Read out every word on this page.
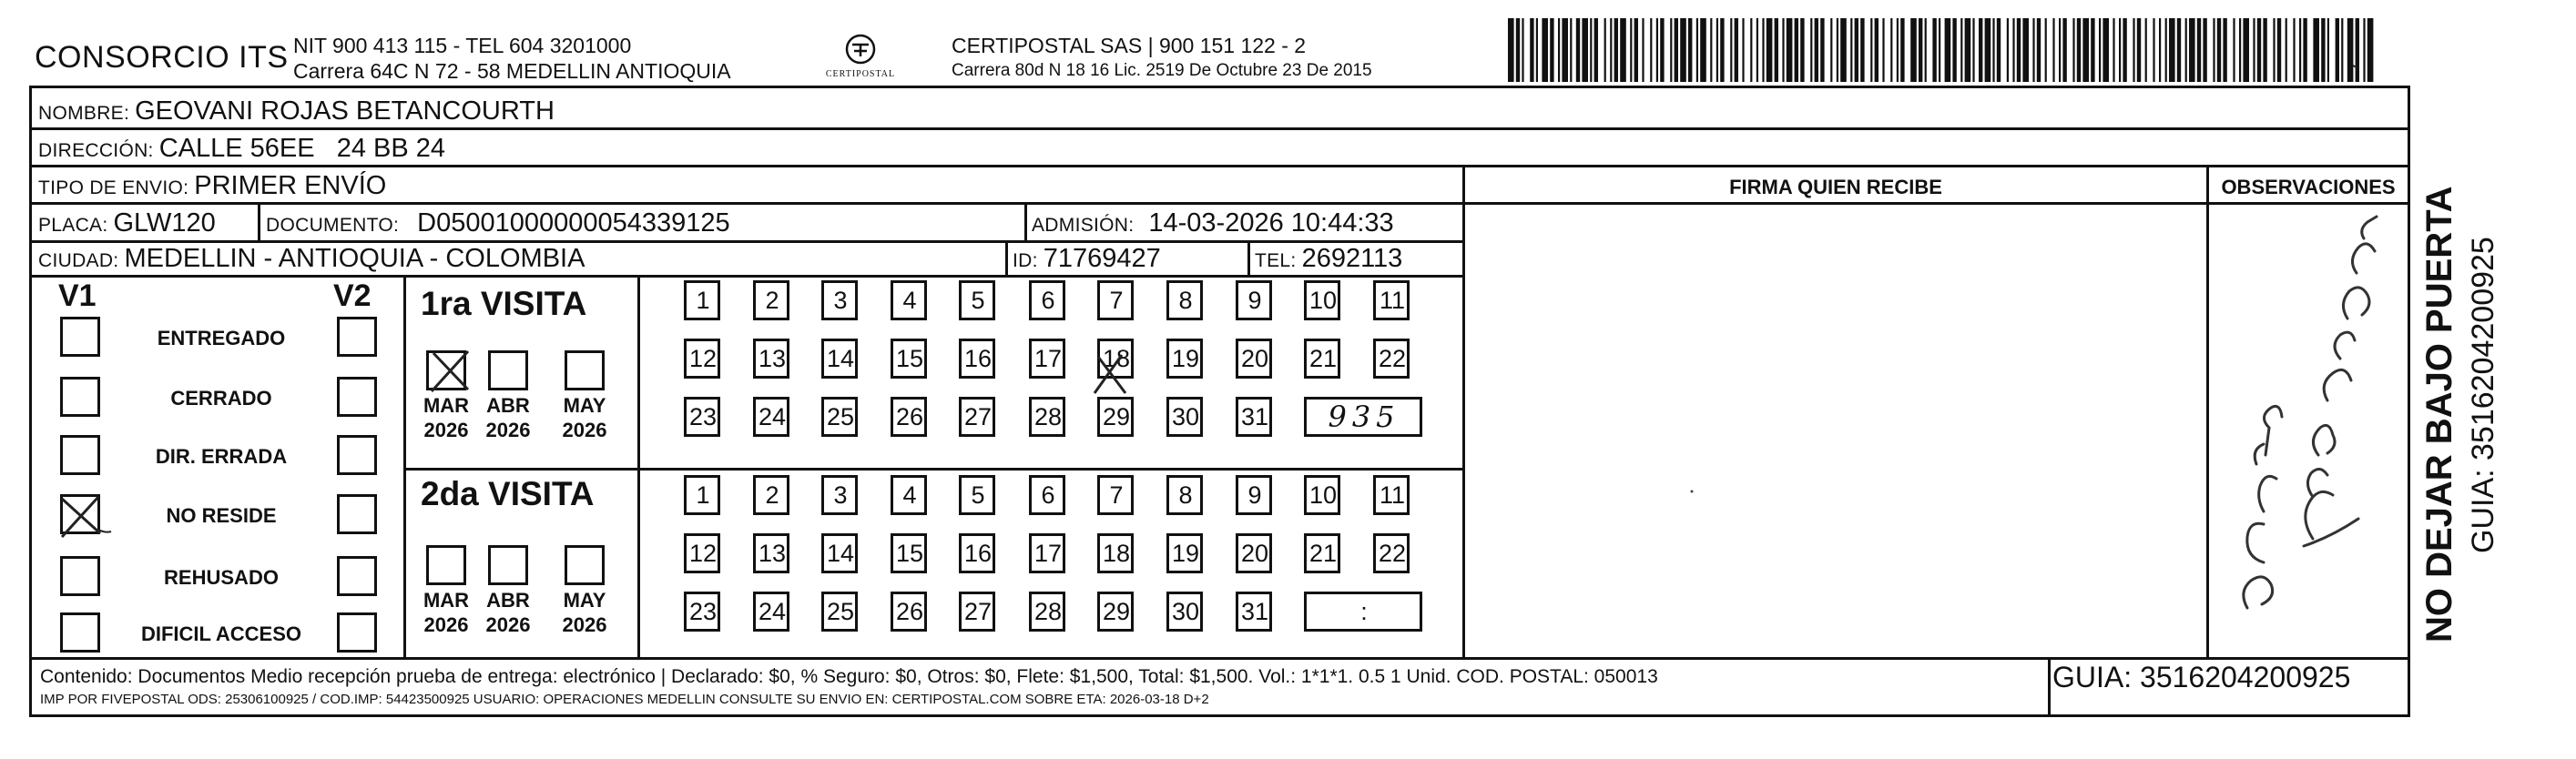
CONSORCIO ITS NIT 900 413 115 - TEL 604 3201000
Carrera 64C N 72 - 58 MEDELLIN ANTIOQUIA	CERTIPOSTAL
CERTIPOSTAL SAS | 900 151 122 - 2
Carrera 80d N 18 16 Lic. 2519 De Octubre 23 De 2015
NOMBRE: GEOVANI ROJAS BETANCOURTH
DIRECCIÓN: CALLE 56EE   24 BB 24
TIPO DE ENVIO: PRIMER ENVÍO
PLACA: GLW120	DOCUMENTO: D05001000000054339125	ADMISIÓN: 14-03-2026 10:44:33
CIUDAD: MEDELLIN - ANTIOQUIA - COLOMBIA	ID: 71769427	TEL: 2692113
FIRMA QUIEN RECIBE	OBSERVACIONES
V1	V2
ENTREGADO
CERRADO
DIR. ERRADA
NO RESIDE
REHUSADO
DIFICIL ACCESO
1ra VISITA
2da VISITA
MAR
2026
ABR
2026
MAY
2026
1	2	3	4	5	6	7	8	9	10 11
12 13 14 15 16 17 18 19 20 21 22
23 24 25 26 27 28 29 30 31	935
MAR
2026
ABR
2026
MAY
2026
1	2	3	4	5	6	7	8	9	10 11
12 13 14 15 16 17 18 19 20 21 22
23 24 25 26 27 28 29 30 31	:
Contenido: Documentos Medio recepción prueba de entrega: electrónico | Declarado: $0, % Seguro: $0, Otros: $0, Flete: $1,500, Total: $1,500. Vol.: 1*1*1. 0.5 1 Unid. COD. POSTAL: 050013
IMP POR FIVEPOSTAL ODS: 25306100925 / COD.IMP: 54423500925 USUARIO: OPERACIONES MEDELLIN CONSULTE SU ENVIO EN: CERTIPOSTAL.COM SOBRE ETA: 2026-03-18 D+2
GUIA: 3516204200925
NO DEJAR BAJO PUERTA GUIA: 3516204200925
